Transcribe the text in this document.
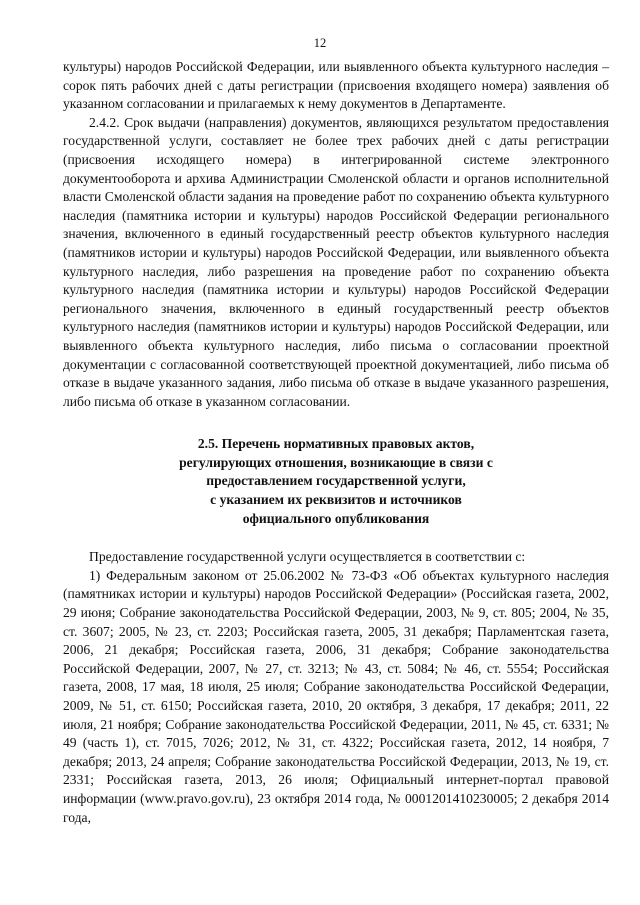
12

культуры) народов Российской Федерации, или выявленного объекта культурного наследия – сорок пять рабочих дней с даты регистрации (присвоения входящего номера) заявления об указанном согласовании и прилагаемых к нему документов в Департаменте.

2.4.2. Срок выдачи (направления) документов, являющихся результатом предоставления государственной услуги, составляет не более трех рабочих дней с даты регистрации (присвоения исходящего номера) в интегрированной системе электронного документооборота и архива Администрации Смоленской области и органов исполнительной власти Смоленской области задания на проведение работ по сохранению объекта культурного наследия (памятника истории и культуры) народов Российской Федерации регионального значения, включенного в единый государственный реестр объектов культурного наследия (памятников истории и культуры) народов Российской Федерации, или выявленного объекта культурного наследия, либо разрешения на проведение работ по сохранению объекта культурного наследия (памятника истории и культуры) народов Российской Федерации регионального значения, включенного в единый государственный реестр объектов культурного наследия (памятников истории и культуры) народов Российской Федерации, или выявленного объекта культурного наследия, либо письма о согласовании проектной документации с согласованной соответствующей проектной документацией, либо письма об отказе в выдаче указанного задания, либо письма об отказе в выдаче указанного разрешения, либо письма об отказе в указанном согласовании.

2.5. Перечень нормативных правовых актов,
регулирующих отношения, возникающие в связи с
предоставлением государственной услуги,
с указанием их реквизитов и источников
официального опубликования

Предоставление государственной услуги осуществляется в соответствии с:

1) Федеральным законом от 25.06.2002 № 73-ФЗ «Об объектах культурного наследия (памятниках истории и культуры) народов Российской Федерации» (Российская газета, 2002, 29 июня; Собрание законодательства Российской Федерации, 2003, № 9, ст. 805; 2004, № 35, ст. 3607; 2005, № 23, ст. 2203; Российская газета, 2005, 31 декабря; Парламентская газета, 2006, 21 декабря; Российская газета, 2006, 31 декабря; Собрание законодательства Российской Федерации, 2007, № 27, ст. 3213; № 43, ст. 5084; № 46, ст. 5554; Российская газета, 2008, 17 мая, 18 июля, 25 июля; Собрание законодательства Российской Федерации, 2009, № 51, ст. 6150; Российская газета, 2010, 20 октября, 3 декабря, 17 декабря; 2011, 22 июля, 21 ноября; Собрание законодательства Российской Федерации, 2011, № 45, ст. 6331; № 49 (часть 1), ст. 7015, 7026; 2012, № 31, ст. 4322; Российская газета, 2012, 14 ноября, 7 декабря; 2013, 24 апреля; Собрание законодательства Российской Федерации, 2013, № 19, ст. 2331; Российская газета, 2013, 26 июля; Официальный интернет-портал правовой информации (www.pravo.gov.ru), 23 октября 2014 года, № 0001201410230005; 2 декабря 2014 года,
